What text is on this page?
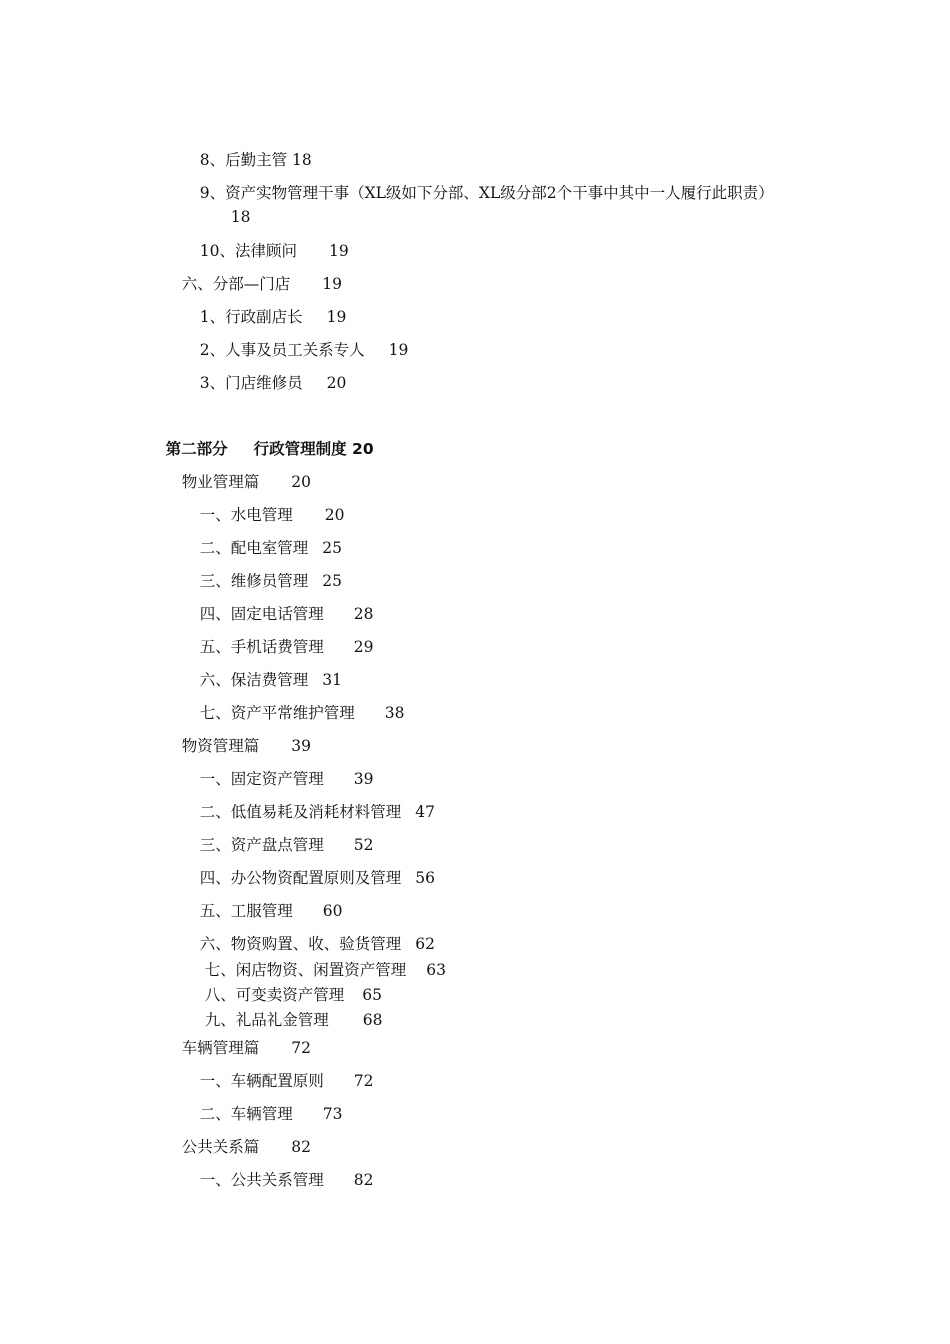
8、后勤主管 18

9、资产实物管理干事（XL级如下分部、XL级分部2个干事中其中一人履行此职责）

18

10、法律顾问 19

六、分部—门店 19

1、行政副店长 19

2、人事及员工关系专人 19

3、门店维修员 20

第二部分 行政管理制度 20

物业管理篇 20

一、水电管理 20

二、配电室管理 25

三、维修员管理 25

四、固定电话管理 28

五、手机话费管理 29

六、保洁费管理 31

七、资产平常维护管理 38

物资管理篇 39

一、固定资产管理 39

二、低值易耗及消耗材料管理 47

三、资产盘点管理 52

四、办公物资配置原则及管理 56

五、工服管理 60

六、物资购置、收、验货管理 62

七、闲店物资、闲置资产管理 63

八、可变卖资产管理 65

九、礼品礼金管理 68

车辆管理篇 72

一、车辆配置原则 72

二、车辆管理 73

公共关系篇 82

一、公共关系管理 82
